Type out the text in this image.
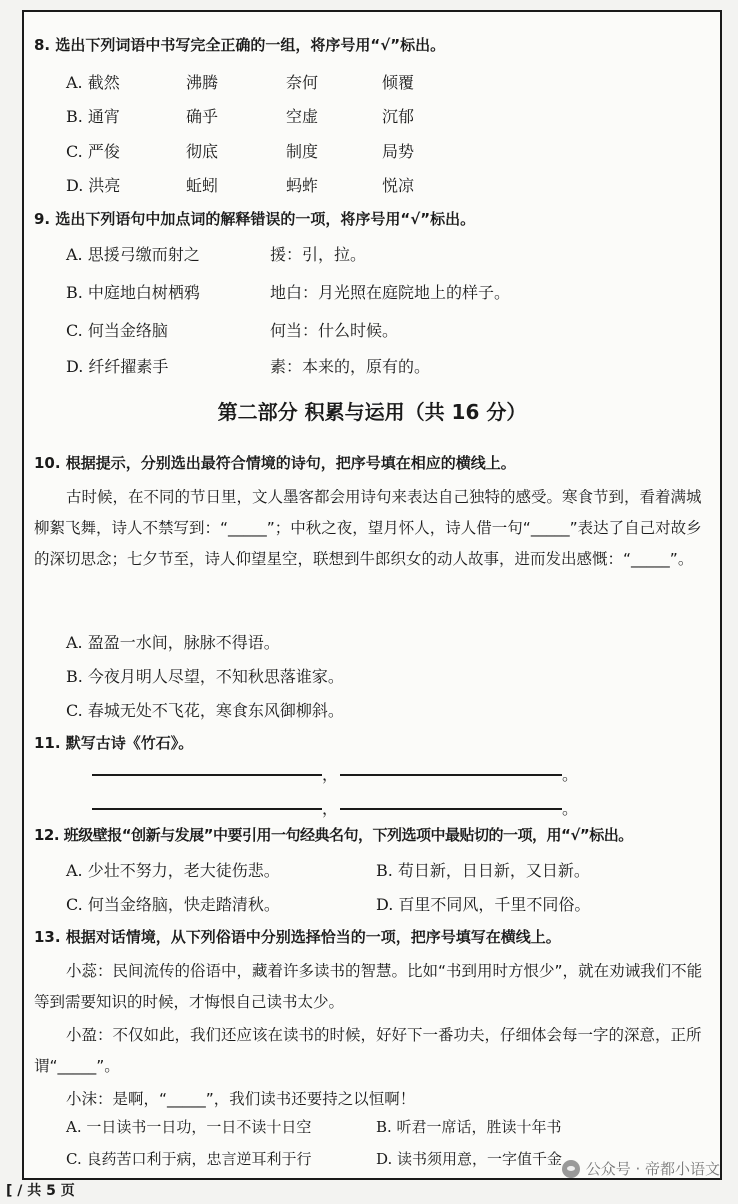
8. 选出下列词语中书写完全正确的一组，将序号用“√”标出。
A. 截然	沸腾	奈何	倾覆
B. 通宵	确乎	空虚	沉郁
C. 严俊	彻底	制度	局势
D. 洪亮	蚯蚓	蚂蚱	悦凉
9. 选出下列语句中加点词的解释错误的一项，将序号用“√”标出。
A. 思援弓缴而射之	援：引，拉。
B. 中庭地白树栖鸦	地白：月光照在庭院地上的样子。
C. 何当金络脑	何当：什么时候。
D. 纤纤擢素手	素：本来的，原有的。
第二部分 积累与运用（共 16 分）
10. 根据提示，分别选出最符合情境的诗句，把序号填在相应的横线上。
古时候，在不同的节日里，文人墨客都会用诗句来表达自己独特的感受。寒食节到，看着满城柳絮飞舞，诗人不禁写到：“_____”；中秋之夜，望月怀人，诗人借一句“_____”表达了自己对故乡的深切思念；七夕节至，诗人仰望星空，联想到牛郎织女的动人故事，进而发出感慨：“_____”。
A. 盈盈一水间，脉脉不得语。
B. 今夜月明人尽望，不知秋思落谁家。
C. 春城无处不飞花，寒食东风御柳斜。
11. 默写古诗《竹石》。
，	。
，	。
12. 班级壁报“创新与发展”中要引用一句经典名句，下列选项中最贴切的一项，用“√”标出。
A. 少壮不努力，老大徒伤悲。	B. 苟日新，日日新，又日新。
C. 何当金络脑，快走踏清秋。	D. 百里不同风，千里不同俗。
13. 根据对话情境，从下列俗语中分别选择恰当的一项，把序号填写在横线上。
小蕊：民间流传的俗语中，藏着许多读书的智慧。比如“书到用时方恨少”，就在劝诫我们不能等到需要知识的时候，才悔恨自己读书太少。
小盈：不仅如此，我们还应该在读书的时候，好好下一番功夫，仔细体会每一字的深意，正所谓“_____”。
小沫：是啊，“_____”，我们读书还要持之以恒啊！
A. 一日读书一日功，一日不读十日空	B. 听君一席话，胜读十年书
C. 良药苦口利于病，忠言逆耳利于行	D. 读书须用意，一字值千金
公众号 · 帝都小语文
[ / 共 5 页
